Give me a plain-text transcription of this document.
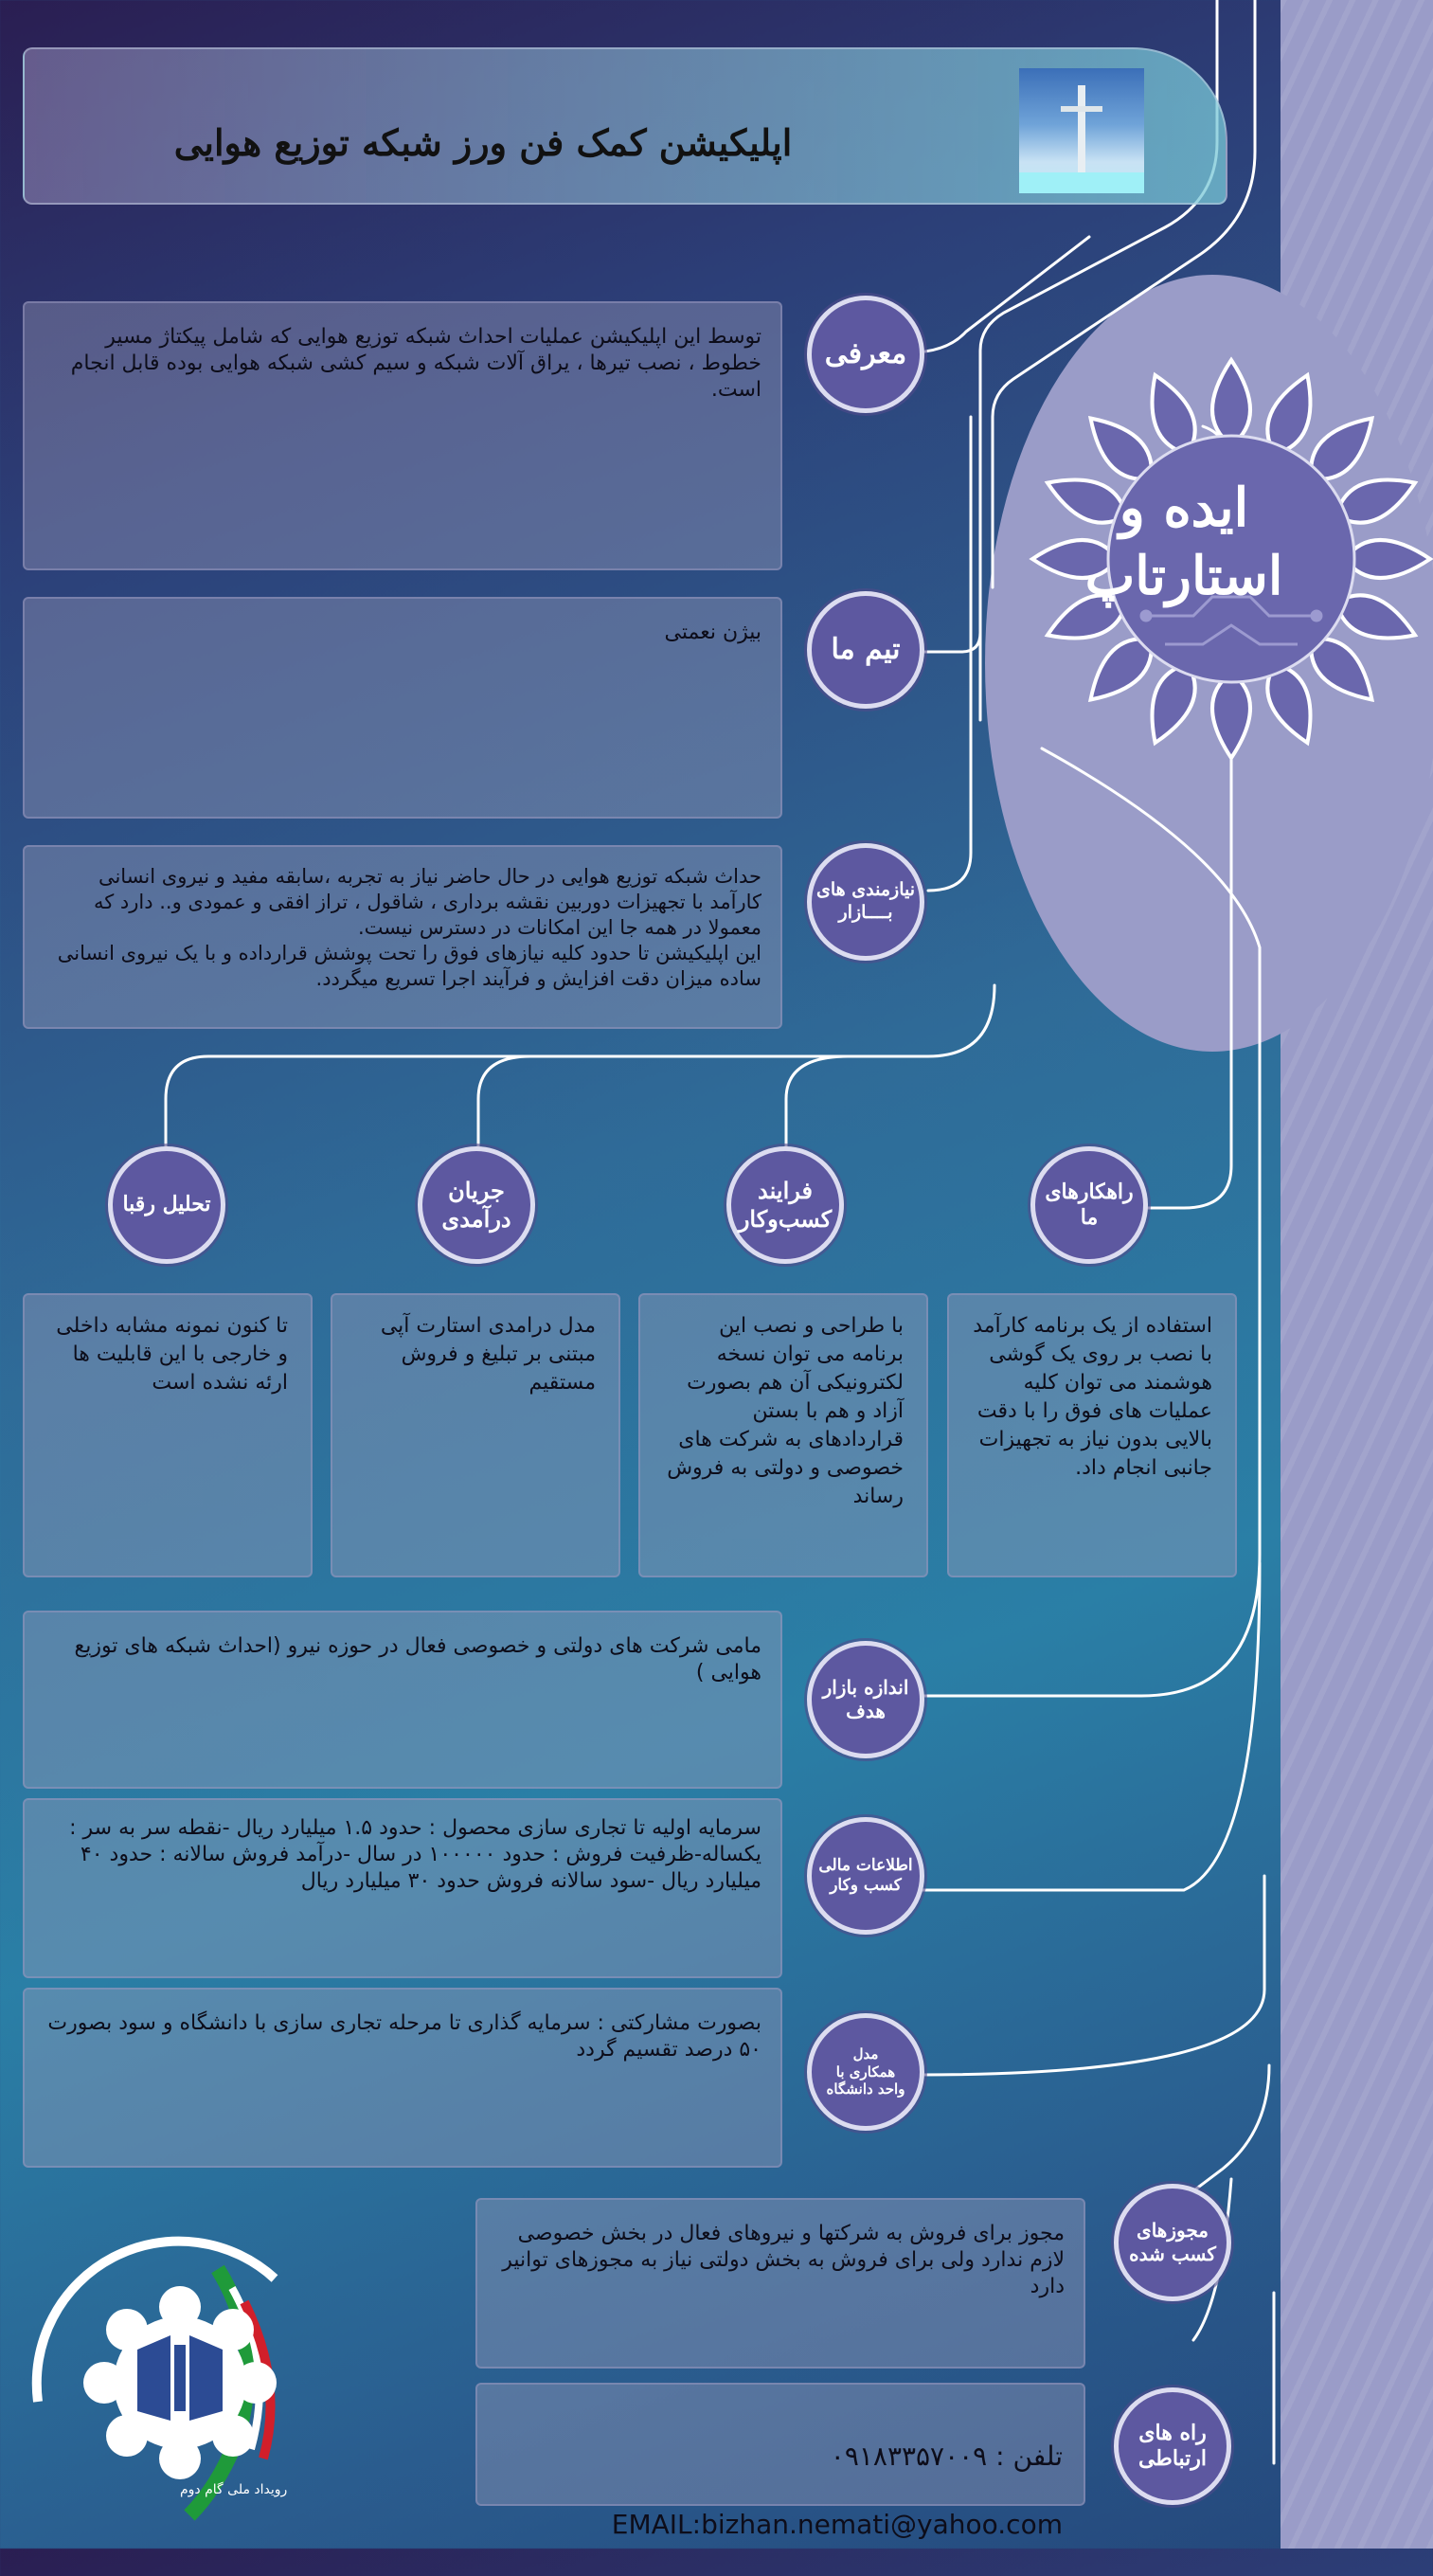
اپلیکیشن کمک فن ورز شبکه توزیع هوایی
ایده و
استارتاپ
توسط این اپلیکیشن عملیات احداث شبکه توزیع هوایی که شامل پیکتاژ مسیر خطوط ، نصب تیرها ، یراق آلات شبکه و سیم کشی شبکه هوایی بوده قابل انجام است.
معرفی
بیژن نعمتی
تیم ما
حداث شبکه توزیع هوایی در حال حاضر نیاز به تجربه ،سابقه مفید و نیروی انسانی کارآمد با تجهیزات دوربین نقشه برداری ، شاقول ، تراز افقی و عمودی و.. دارد که معمولا در همه جا این امکانات در دسترس نیست.
این اپلیکیشن تا حدود کلیه نیازهای فوق را تحت پوشش قرارداده و با یک نیروی انسانی ساده میزان دقت افزایش و فرآیند اجرا تسریع میگردد.
نیازمندی های
بــــازار
راهکارهای
ما
فرایند
کسب‌وکار
جریان
درآمدی
تحلیل رقبا
استفاده از یک برنامه کارآمد با نصب بر روی یک گوشی هوشمند می توان کلیه عملیات های فوق را با دقت بالایی بدون نیاز به تجهیزات جانبی انجام داد.
با طراحی و نصب این برنامه می توان نسخه لکترونیکی آن هم بصورت آزاد و هم با بستن قراردادهای به شرکت های خصوصی و دولتی به فروش رساند
مدل درامدی استارت آپی مبتنی بر تبلیغ و فروش مستقیم
تا کنون نمونه مشابه داخلی و خارجی با این قابلیت ها ارئه نشده است
مامی شرکت های دولتی و خصوصی فعال در حوزه نیرو (احداث شبکه های توزیع هوایی )
اندازه بازار
هدف
سرمایه اولیه تا تجاری سازی محصول : حدود ۱.۵ میلیارد ریال -نقطه سر به سر : یکساله-ظرفیت فروش : حدود ۱۰۰۰۰۰ در سال -درآمد فروش سالانه : حدود ۴۰ میلیارد ریال -سود سالانه فروش حدود ۳۰ میلیارد ریال
اطلاعات مالی
کسب وکار
بصورت مشارکتی : سرمایه گذاری تا مرحله تجاری سازی با دانشگاه و سود بصورت ۵۰ درصد تقسیم گردد	مدل
همکاری با
واحد دانشگاه
مجوز برای فروش به شرکتها و نیروهای فعال در بخش خصوصی لازم ندارد ولی برای فروش به بخش دولتی نیاز به مجوزهای توانیر دارد
مجوزهای
کسب شده

تلفن : ۰۹۱۸۳۳۵۷۰۰۹

EMAIL:bizhan.nemati@yahoo.com

راه های
ارتباطی
رویداد ملی گام دوم
